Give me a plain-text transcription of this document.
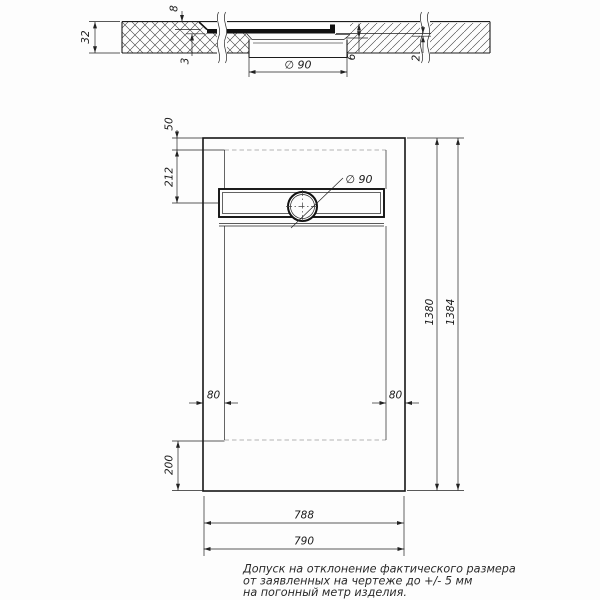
32
8
3
6	2
∅ 90
∅ 90
50
212
200
80	80
1380 1384
788
790
Допуск на отклонение фактического размера
от заявленных на чертеже до +/- 5 мм
на погонный метр изделия.
